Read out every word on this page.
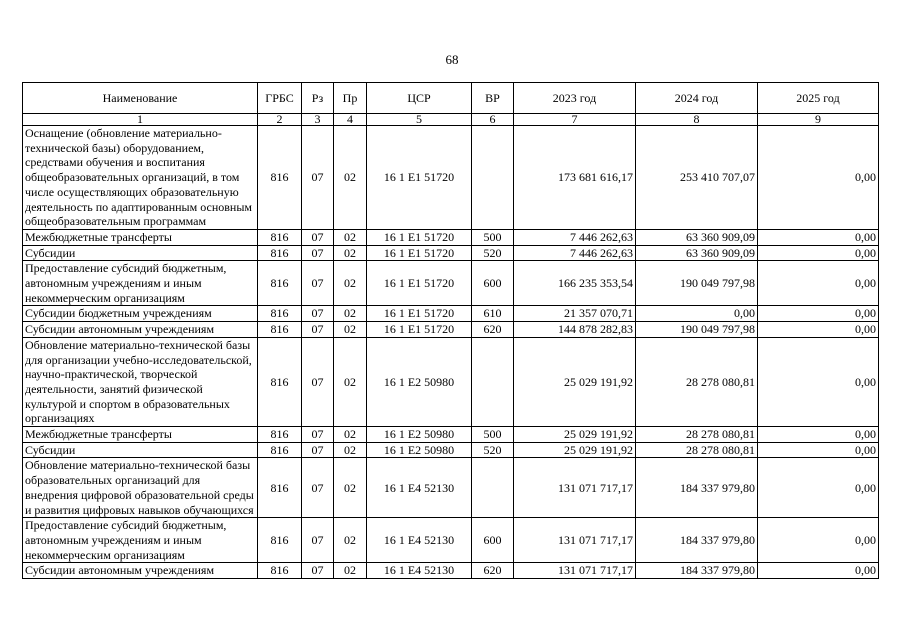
68
Наименование	ГРБС	Рз	Пр	ЦСР	ВР	2023 год	2024 год	2025 год
1	2	3	4	5	6	7	8	9
Оснащение (обновление материально-технической базы) оборудованием, средствами обучения и воспитания общеобразовательных организаций, в том числе осуществляющих образовательную деятельность по адаптированным основным общеобразовательным программам	816	07	02	16 1 E1 51720		173 681 616,17	253 410 707,07	0,00
Межбюджетные трансферты	816	07	02	16 1 E1 51720	500	7 446 262,63	63 360 909,09	0,00
Субсидии	816	07	02	16 1 E1 51720	520	7 446 262,63	63 360 909,09	0,00
Предоставление субсидий бюджетным, автономным учреждениям и иным некоммерческим организациям	816	07	02	16 1 E1 51720	600	166 235 353,54	190 049 797,98	0,00
Субсидии бюджетным учреждениям	816	07	02	16 1 E1 51720	610	21 357 070,71	0,00	0,00
Субсидии автономным учреждениям	816	07	02	16 1 E1 51720	620	144 878 282,83	190 049 797,98	0,00
Обновление материально-технической базы для организации учебно-исследовательской, научно-практической, творческой деятельности, занятий физической культурой и спортом в образовательных организациях	816	07	02	16 1 E2 50980		25 029 191,92	28 278 080,81	0,00
Межбюджетные трансферты	816	07	02	16 1 E2 50980	500	25 029 191,92	28 278 080,81	0,00
Субсидии	816	07	02	16 1 E2 50980	520	25 029 191,92	28 278 080,81	0,00
Обновление материально-технической базы образовательных организаций для внедрения цифровой образовательной среды и развития цифровых навыков обучающихся	816	07	02	16 1 E4 52130		131 071 717,17	184 337 979,80	0,00
Предоставление субсидий бюджетным, автономным учреждениям и иным некоммерческим организациям	816	07	02	16 1 E4 52130	600	131 071 717,17	184 337 979,80	0,00
Субсидии автономным учреждениям	816	07	02	16 1 E4 52130	620	131 071 717,17	184 337 979,80	0,00
